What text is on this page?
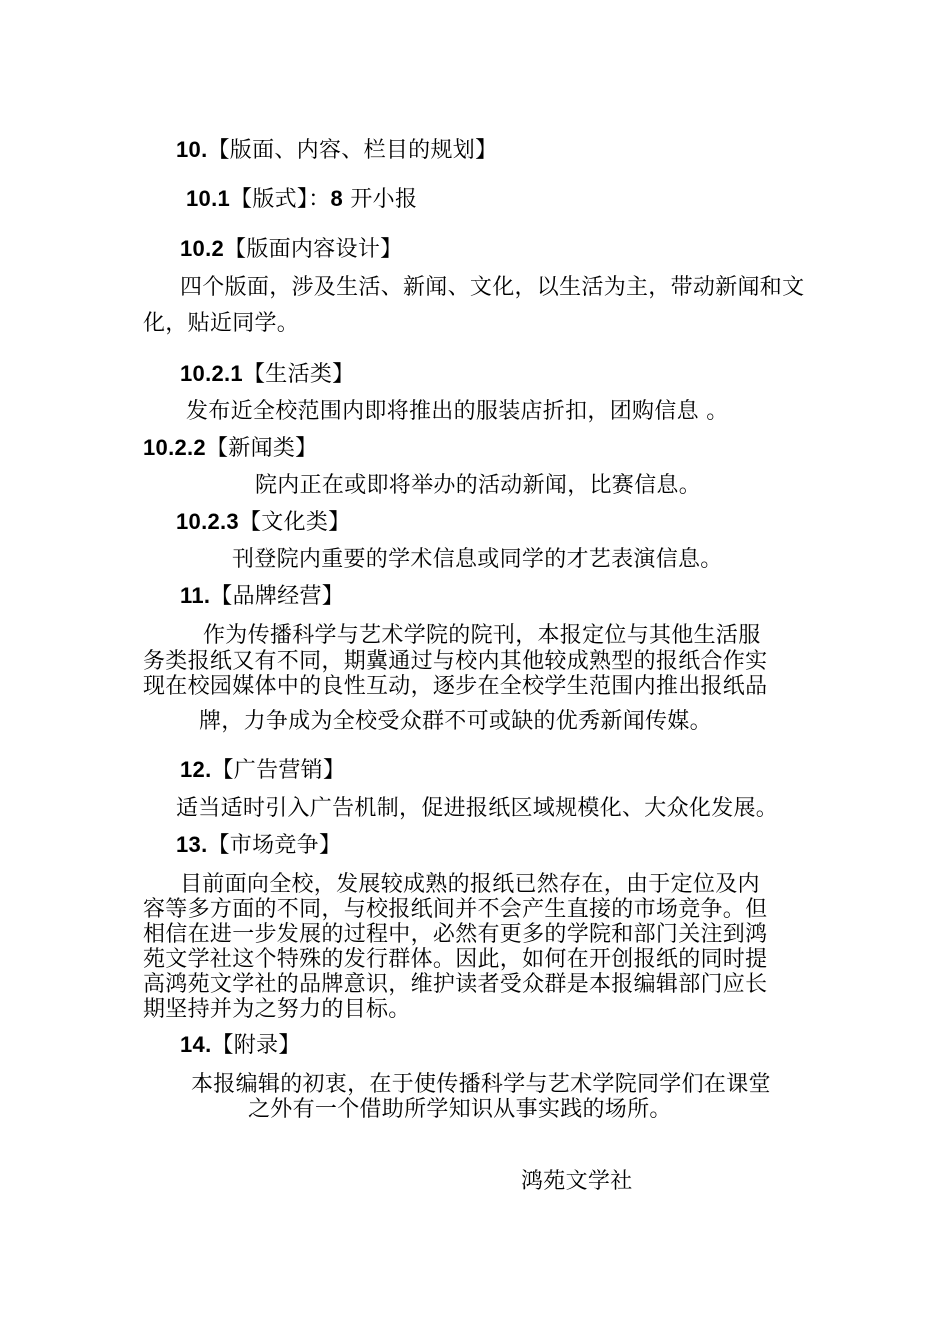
10.【版面、内容、栏目的规划】
10.1【版式】：8 开小报
10.2【版面内容设计】
四个版面，涉及生活、新闻、文化，以生活为主，带动新闻和文
化，贴近同学。
10.2.1【生活类】
发布近全校范围内即将推出的服装店折扣，团购信息 。
10.2.2【新闻类】
院内正在或即将举办的活动新闻，比赛信息。
10.2.3【文化类】
刊登院内重要的学术信息或同学的才艺表演信息。
11.【品牌经营】
作为传播科学与艺术学院的院刊，本报定位与其他生活服
务类报纸又有不同，期冀通过与校内其他较成熟型的报纸合作实
现在校园媒体中的良性互动，逐步在全校学生范围内推出报纸品
牌，力争成为全校受众群不可或缺的优秀新闻传媒。
12.【广告营销】
适当适时引入广告机制，促进报纸区域规模化、大众化发展。
13.【市场竞争】
目前面向全校，发展较成熟的报纸已然存在，由于定位及内
容等多方面的不同，与校报纸间并不会产生直接的市场竞争。但
相信在进一步发展的过程中，必然有更多的学院和部门关注到鸿
苑文学社这个特殊的发行群体。因此，如何在开创报纸的同时提
高鸿苑文学社的品牌意识，维护读者受众群是本报编辑部门应长
期坚持并为之努力的目标。
14.【附录】
本报编辑的初衷，在于使传播科学与艺术学院同学们在课堂
之外有一个借助所学知识从事实践的场所。
鸿苑文学社
